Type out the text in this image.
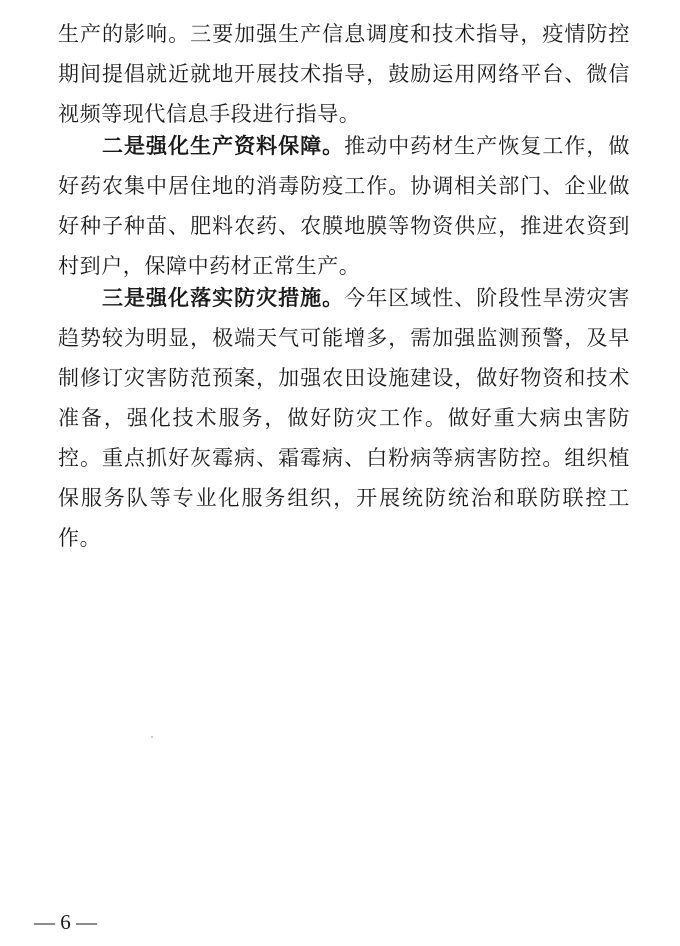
生产的影响。三要加强生产信息调度和技术指导，疫情防控期间提倡就近就地开展技术指导，鼓励运用网络平台、微信视频等现代信息手段进行指导。

二是强化生产资料保障。推动中药材生产恢复工作，做好药农集中居住地的消毒防疫工作。协调相关部门、企业做好种子种苗、肥料农药、农膜地膜等物资供应，推进农资到村到户，保障中药材正常生产。

三是强化落实防灾措施。今年区域性、阶段性旱涝灾害趋势较为明显，极端天气可能增多，需加强监测预警，及早制修订灾害防范预案，加强农田设施建设，做好物资和技术准备，强化技术服务，做好防灾工作。做好重大病虫害防控。重点抓好灰霉病、霜霉病、白粉病等病害防控。组织植保服务队等专业化服务组织，开展统防统治和联防联控工作。

— 6 —
